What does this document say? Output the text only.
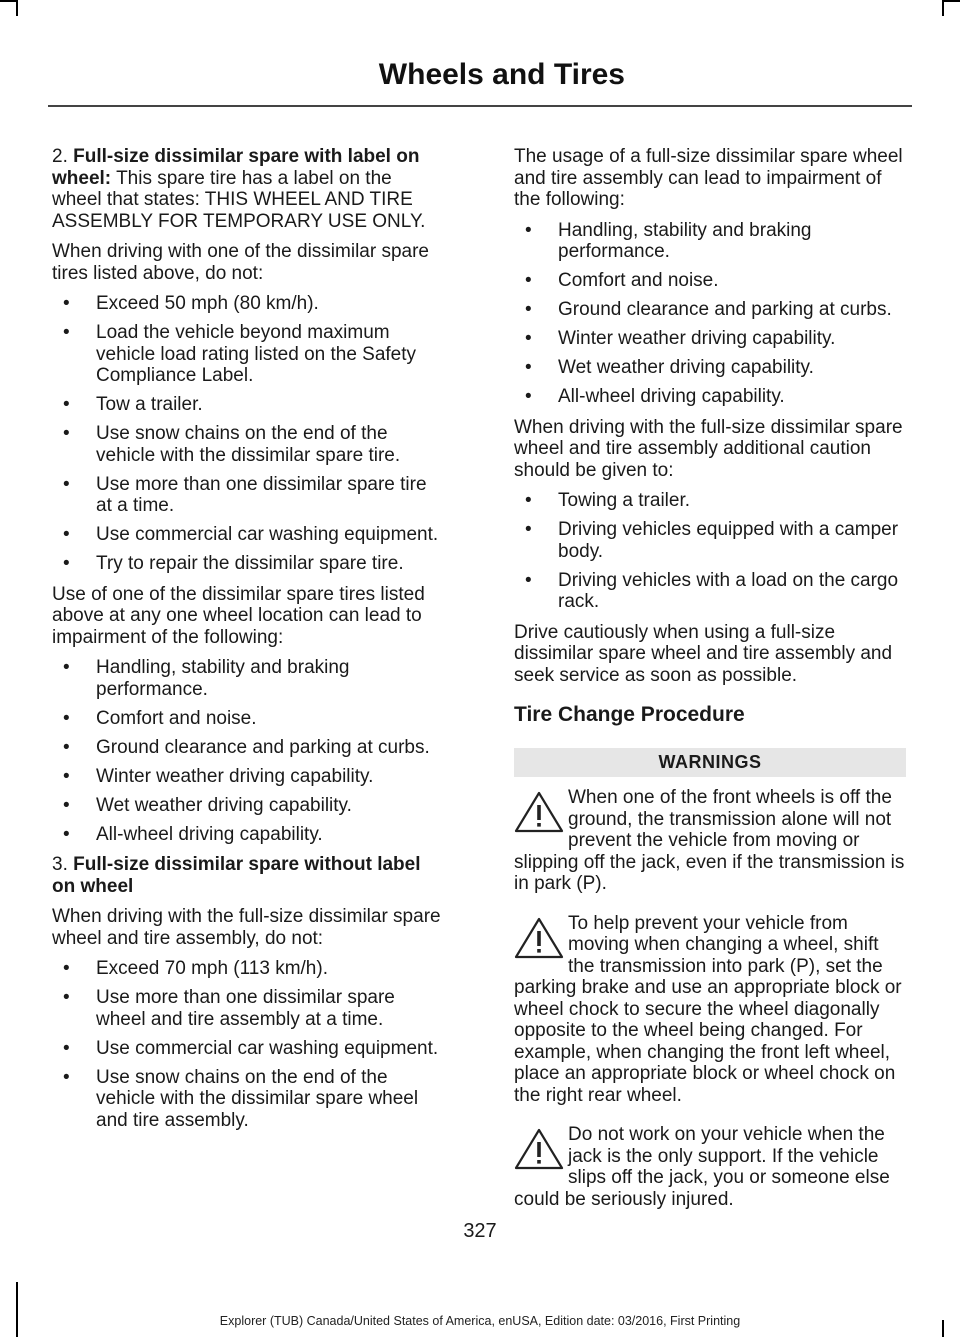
Wheels and Tires

2. Full-size dissimilar spare with label on wheel: This spare tire has a label on the wheel that states: THIS WHEEL AND TIRE ASSEMBLY FOR TEMPORARY USE ONLY.

When driving with one of the dissimilar spare tires listed above, do not:

• Exceed 50 mph (80 km/h).
• Load the vehicle beyond maximum vehicle load rating listed on the Safety Compliance Label.
• Tow a trailer.
• Use snow chains on the end of the vehicle with the dissimilar spare tire.
• Use more than one dissimilar spare tire at a time.
• Use commercial car washing equipment.
• Try to repair the dissimilar spare tire.

Use of one of the dissimilar spare tires listed above at any one wheel location can lead to impairment of the following:

• Handling, stability and braking performance.
• Comfort and noise.
• Ground clearance and parking at curbs.
• Winter weather driving capability.
• Wet weather driving capability.
• All-wheel driving capability.

3. Full-size dissimilar spare without label on wheel

When driving with the full-size dissimilar spare wheel and tire assembly, do not:

• Exceed 70 mph (113 km/h).
• Use more than one dissimilar spare wheel and tire assembly at a time.
• Use commercial car washing equipment.
• Use snow chains on the end of the vehicle with the dissimilar spare wheel and tire assembly.

The usage of a full-size dissimilar spare wheel and tire assembly can lead to impairment of the following:

• Handling, stability and braking performance.
• Comfort and noise.
• Ground clearance and parking at curbs.
• Winter weather driving capability.
• Wet weather driving capability.
• All-wheel driving capability.

When driving with the full-size dissimilar spare wheel and tire assembly additional caution should be given to:

• Towing a trailer.
• Driving vehicles equipped with a camper body.
• Driving vehicles with a load on the cargo rack.

Drive cautiously when using a full-size dissimilar spare wheel and tire assembly and seek service as soon as possible.

Tire Change Procedure
WARNINGS
When one of the front wheels is off the ground, the transmission alone will not prevent the vehicle from moving or slipping off the jack, even if the transmission is in park (P).
To help prevent your vehicle from moving when changing a wheel, shift the transmission into park (P), set the parking brake and use an appropriate block or wheel chock to secure the wheel diagonally opposite to the wheel being changed. For example, when changing the front left wheel, place an appropriate block or wheel chock on the right rear wheel.
Do not work on your vehicle when the jack is the only support. If the vehicle slips off the jack, you or someone else could be seriously injured.
327
Explorer (TUB) Canada/United States of America, enUSA, Edition date: 03/2016, First Printing
